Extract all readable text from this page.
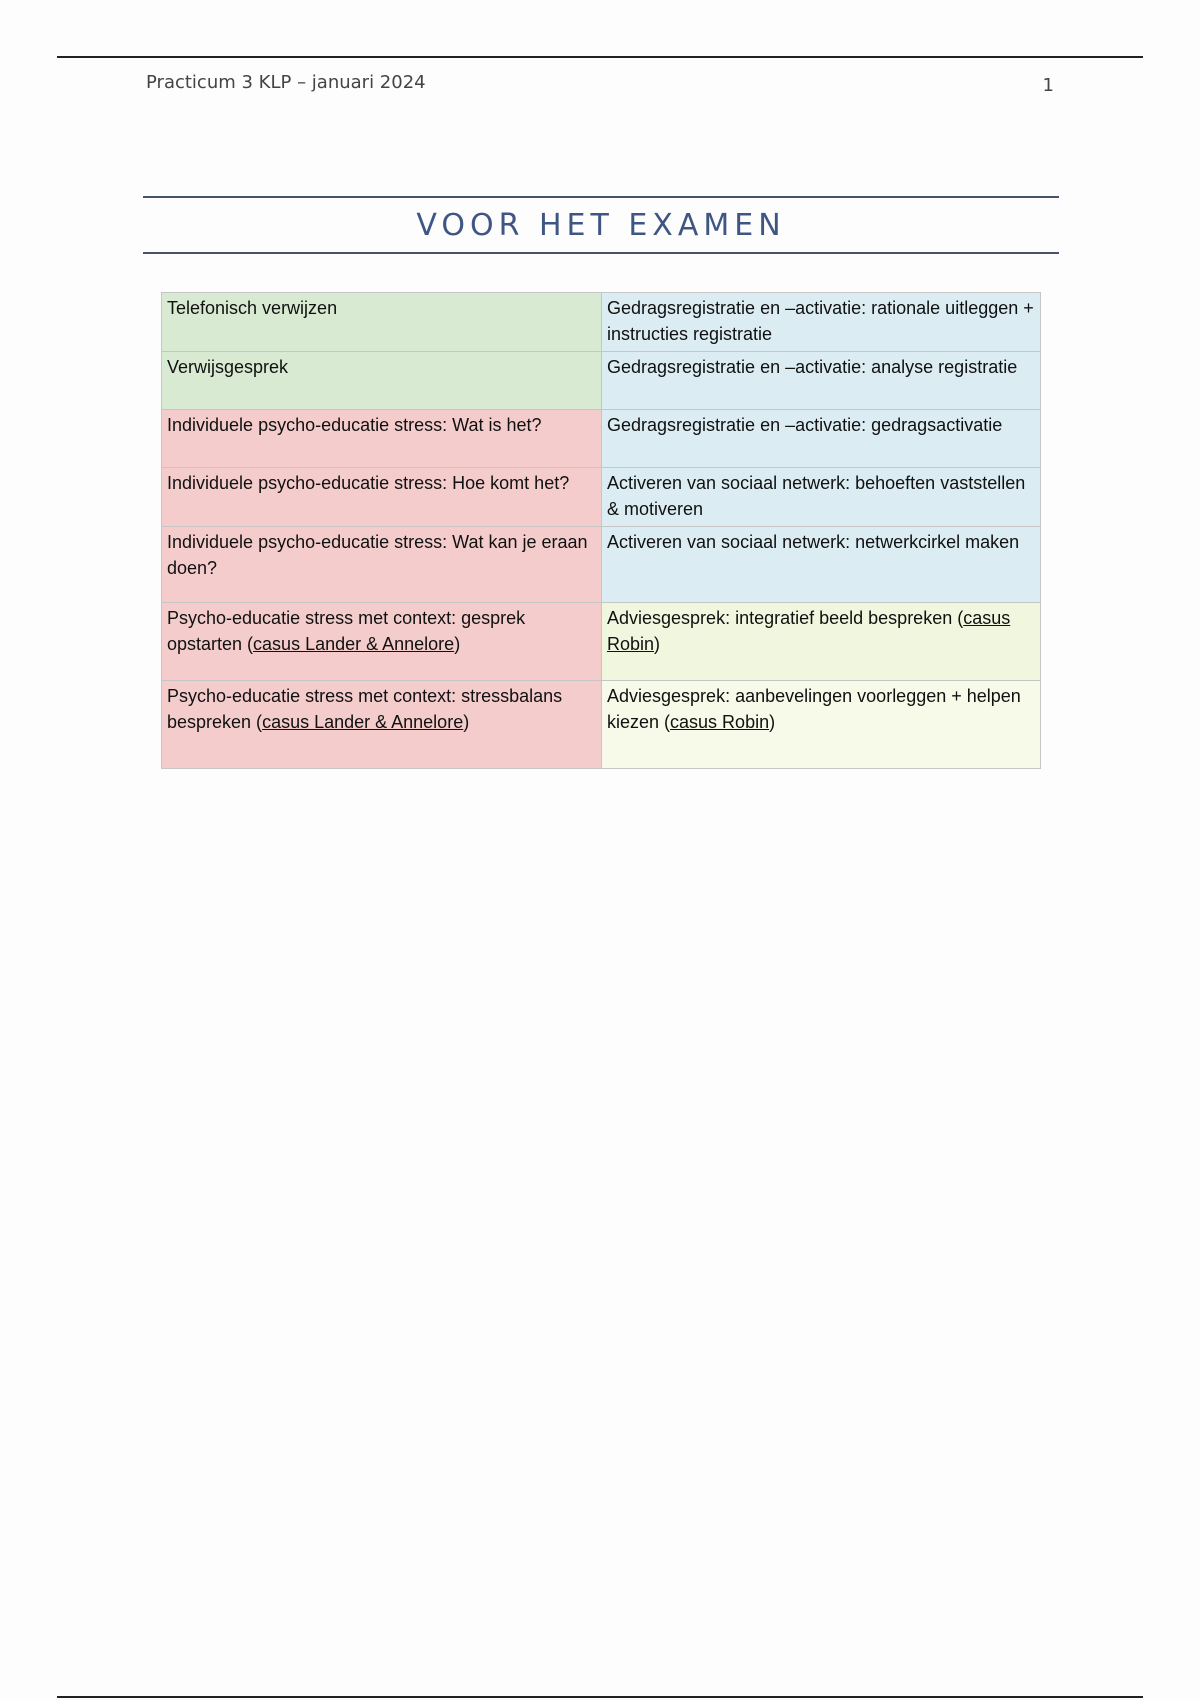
Practicum 3 KLP – januari 2024	1
VOOR HET EXAMEN
Telefonisch verwijzen	Gedragsregistratie en –activatie: rationale uitleggen + instructies registratie
Verwijsgesprek	Gedragsregistratie en –activatie: analyse registratie
Individuele psycho-educatie stress: Wat is het?	Gedragsregistratie en –activatie: gedragsactivatie
Individuele psycho-educatie stress: Hoe komt het?	Activeren van sociaal netwerk: behoeften vaststellen & motiveren
Individuele psycho-educatie stress: Wat kan je eraan doen?	Activeren van sociaal netwerk: netwerkcirkel maken
Psycho-educatie stress met context: gesprek opstarten (casus Lander & Annelore)	Adviesgesprek: integratief beeld bespreken (casus Robin)
Psycho-educatie stress met context: stressbalans bespreken (casus Lander & Annelore)	Adviesgesprek: aanbevelingen voorleggen + helpen kiezen (casus Robin)
